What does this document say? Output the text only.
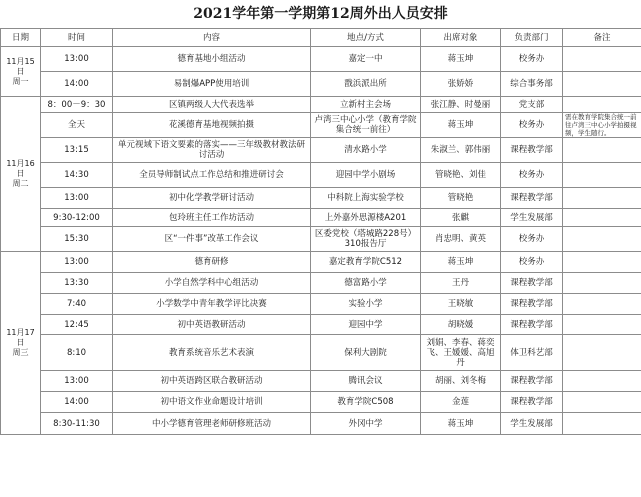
2021学年第一学期第12周外出人员安排
日期	时间	内容	地点/方式	出席对象	负责部门	备注

11月15日
周一	13:00	德育基地小组活动	嘉定一中	蒋玉坤	校务办	
	14:00	易制爆APP使用培训	戬浜派出所	张娇娇	综合事务部	

11月16日
周二	8：00－9：30	区镇两级人大代表选举	立新村主会场	张江静、时曼丽	党支部	
	全天	花溪德育基地视频拍摄	卢湾三中心小学（教育学院集合统一前往）	蒋玉坤	校务办	需在教育学院集合统一前往卢湾三中心小学拍摄视频，学生随行。
	13:15	单元视域下语文要素的落实——三年级教材教法研讨活动	清水路小学	朱淑兰、郭伟丽	课程教学部	
	14:30	全员导师制试点工作总结和推进研讨会	迎园中学小剧场	管晓艳、刘佳	校务办	
	13:00	初中化学教学研讨活动	中科院上海实验学校	管晓艳	课程教学部	
	9:30-12:00	包玲班主任工作坊活动	上外嘉外思源楼A201	张麒	学生发展部	
	15:30	区“一件事”改革工作会议	区委党校（塔城路228号）310报告厅	肖忠明、黄英	校务办	

11月17日
周三	13:00	德育研修	嘉定教育学院C512	蒋玉坤	校务办	
	13:30	小学自然学科中心组活动	德富路小学	王丹	课程教学部	
	7:40	小学数学中青年教学评比决赛	实验小学	王晓敏	课程教学部	
	12:45	初中英语教研活动	迎园中学	胡晓媛	课程教学部	
	8:10	教育系统音乐艺术表演	保利大剧院	刘娟、李春、蒋奕飞、王媛媛、高旭丹	体卫科艺部	
	13:00	初中英语跨区联合教研活动	腾讯会议	胡丽、刘冬梅	课程教学部	
	14:00	初中语文作业命题设计培训	教育学院C508	金莲	课程教学部	
	8:30-11:30	中小学德育管理老师研修班活动	外冈中学	蒋玉坤	学生发展部	
